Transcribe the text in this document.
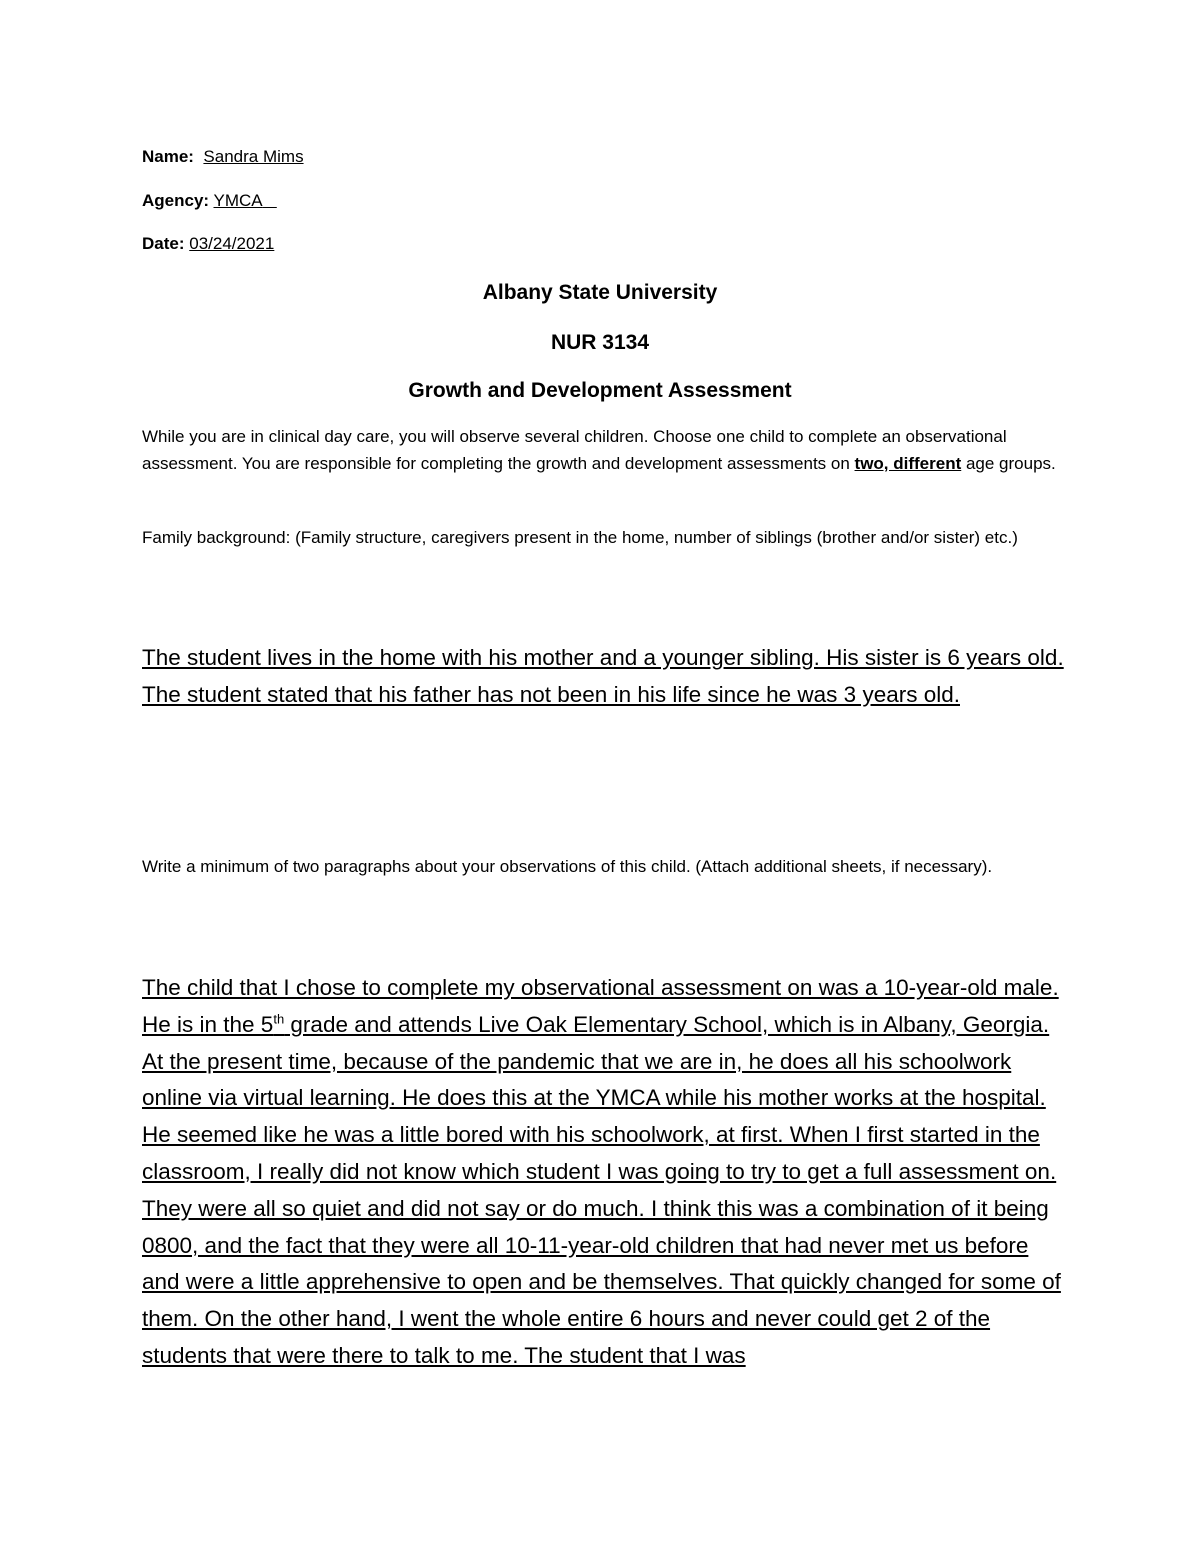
Name: Sandra Mims
Agency: YMCA
Date: 03/24/2021
Albany State University
NUR 3134
Growth and Development Assessment
While you are in clinical day care, you will observe several children. Choose one child to complete an observational assessment. You are responsible for completing the growth and development assessments on two, different age groups.
Family background: (Family structure, caregivers present in the home, number of siblings (brother and/or sister) etc.)
The student lives in the home with his mother and a younger sibling. His sister is 6 years old. The student stated that his father has not been in his life since he was 3 years old.
Write a minimum of two paragraphs about your observations of this child. (Attach additional sheets, if necessary).
The child that I chose to complete my observational assessment on was a 10-year-old male. He is in the 5th grade and attends Live Oak Elementary School, which is in Albany, Georgia. At the present time, because of the pandemic that we are in, he does all his schoolwork online via virtual learning. He does this at the YMCA while his mother works at the hospital. He seemed like he was a little bored with his schoolwork, at first. When I first started in the classroom, I really did not know which student I was going to try to get a full assessment on. They were all so quiet and did not say or do much. I think this was a combination of it being 0800, and the fact that they were all 10-11-year-old children that had never met us before and were a little apprehensive to open and be themselves. That quickly changed for some of them. On the other hand, I went the whole entire 6 hours and never could get 2 of the students that were there to talk to me. The student that I was
